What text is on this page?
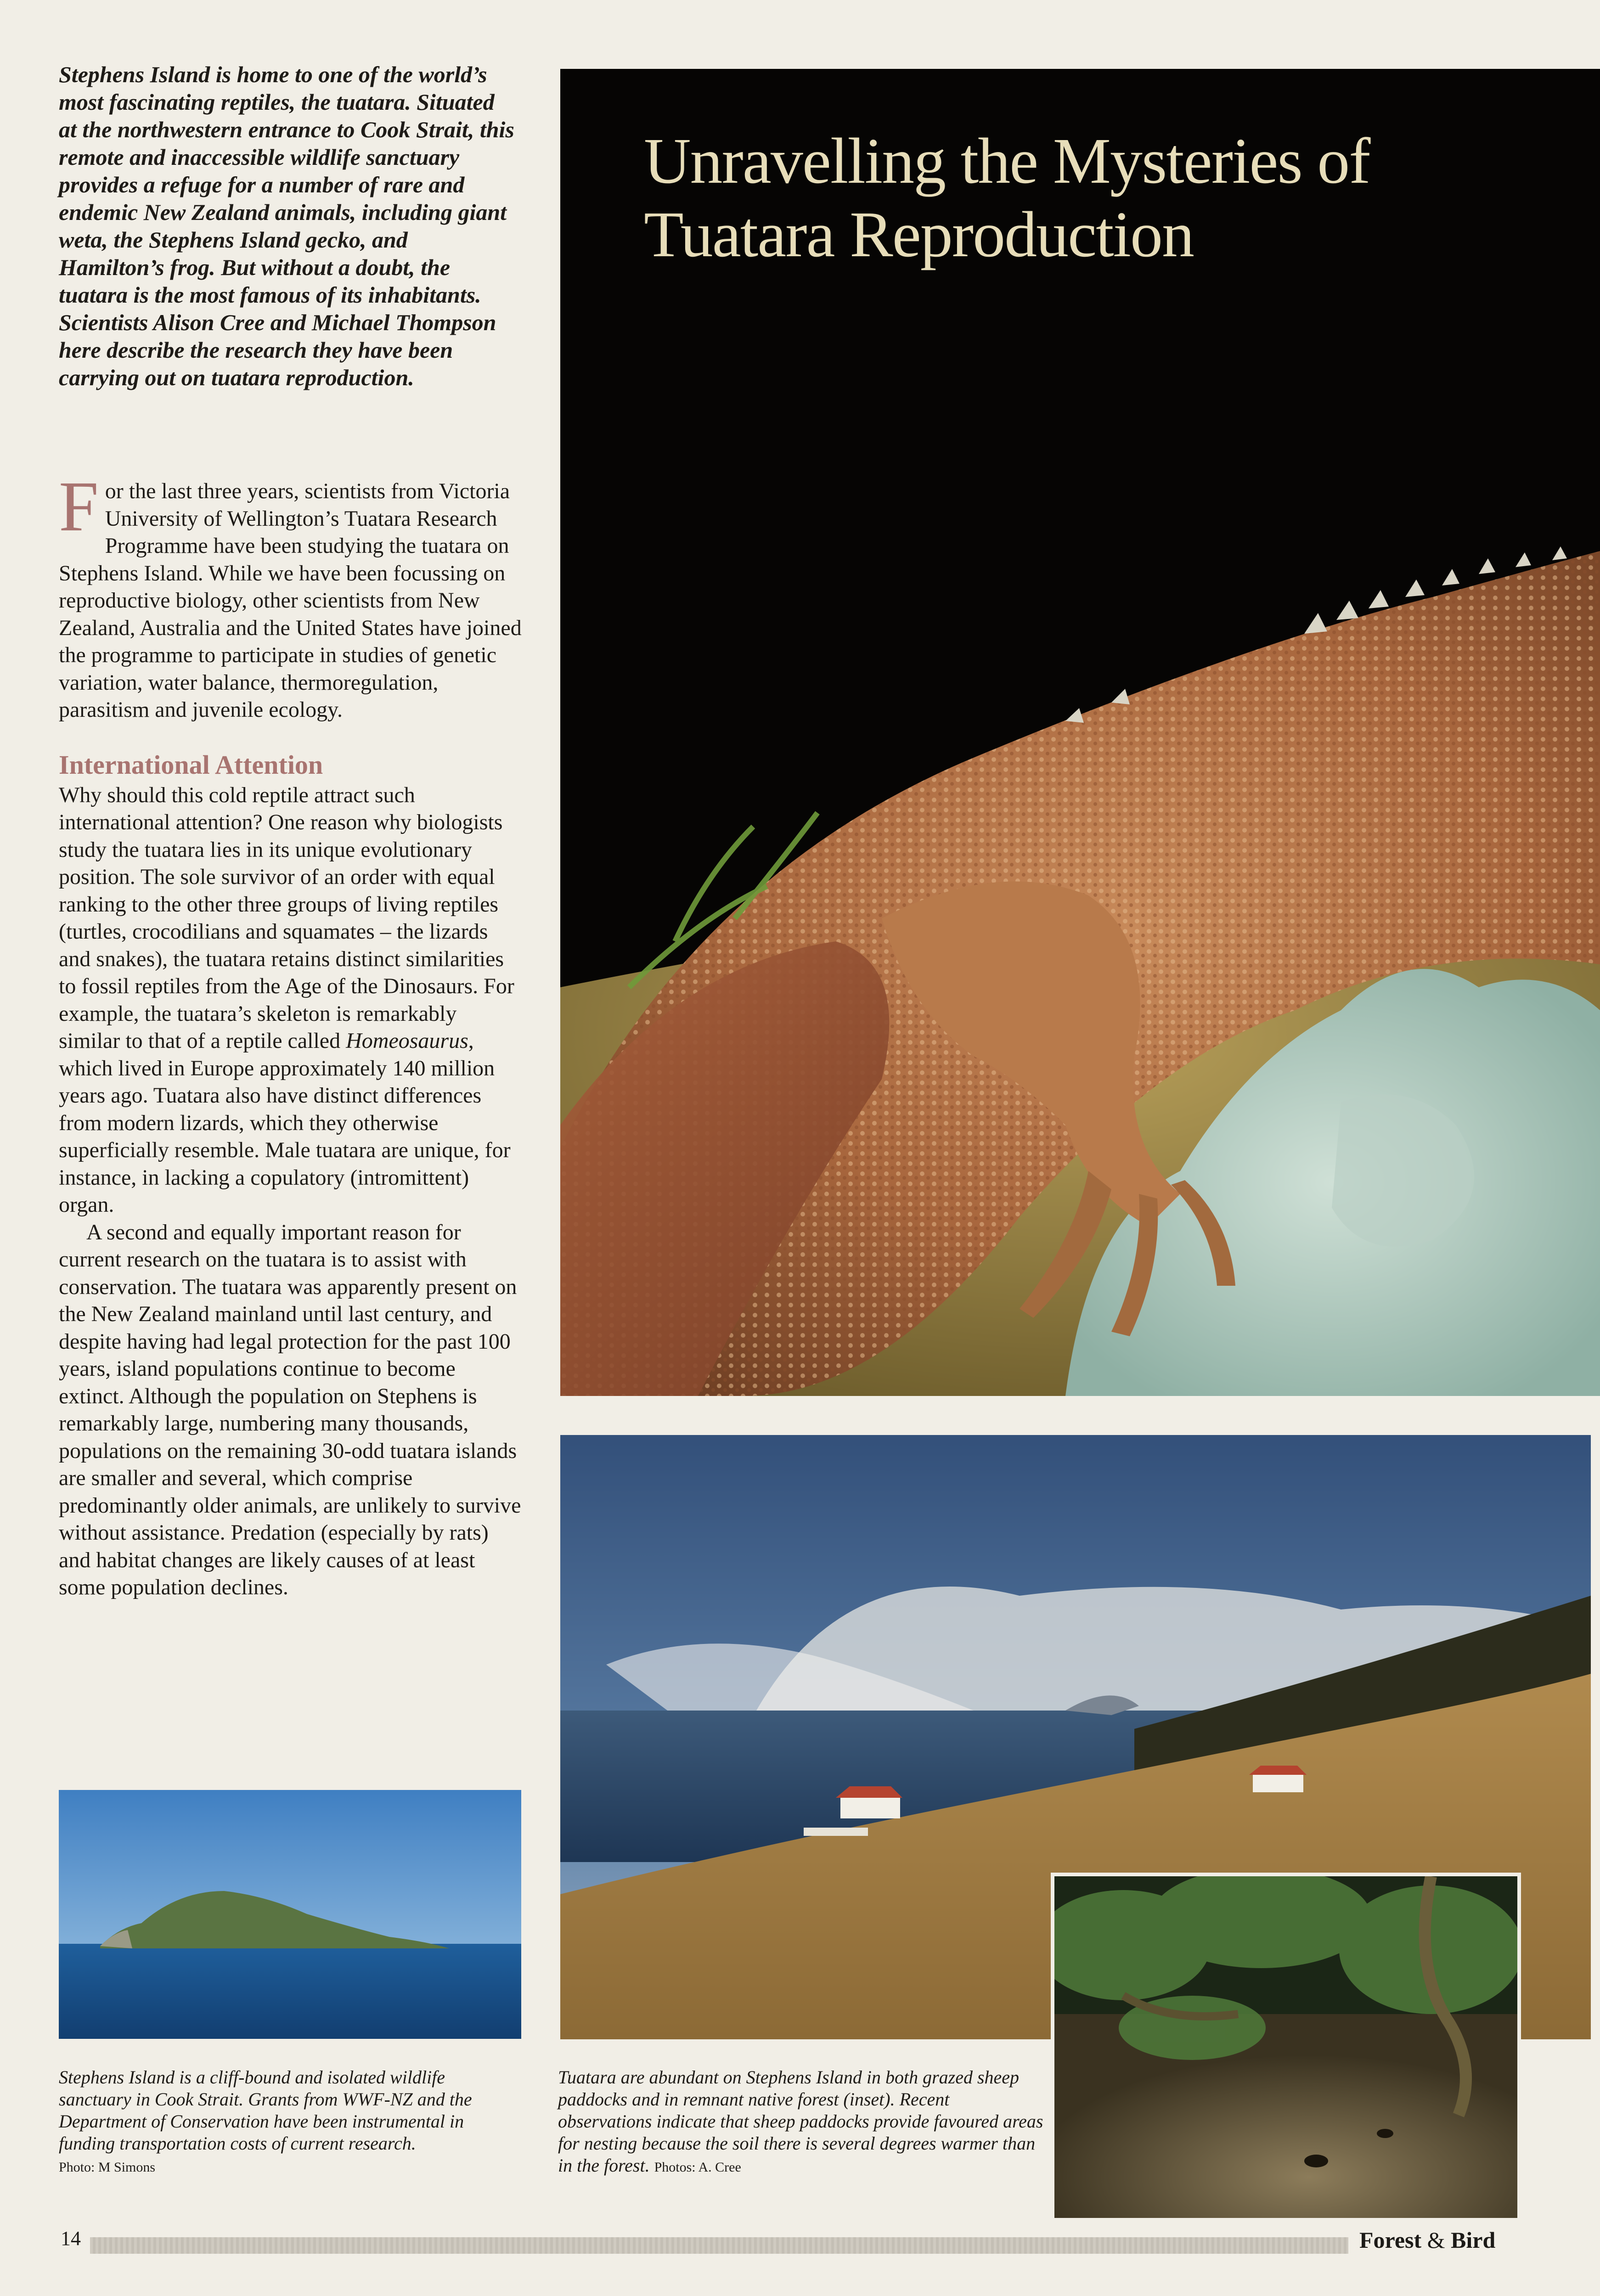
Stephens Island is home to one of the world’s most fascinating reptiles, the tuatara. Situated at the northwestern entrance to Cook Strait, this remote and inaccessible wildlife sanctuary provides a refuge for a number of rare and endemic New Zealand animals, including giant weta, the Stephens Island gecko, and Hamilton’s frog. But without a doubt, the tuatara is the most famous of its inhabitants. Scientists Alison Cree and Michael Thompson here describe the research they have been carrying out on tuatara reproduction.

For the last three years, scientists from Victoria University of Wellington’s Tuatara Research Programme have been studying the tuatara on Stephens Island. While we have been focussing on reproductive biology, other scientists from New Zealand, Australia and the United States have joined the programme to participate in studies of genetic variation, water balance, thermoregulation, parasitism and juvenile ecology.

International Attention

Why should this cold reptile attract such international attention? One reason why biologists study the tuatara lies in its unique evolutionary position. The sole survivor of an order with equal ranking to the other three groups of living reptiles (turtles, crocodilians and squamates – the lizards and snakes), the tuatara retains distinct similarities to fossil reptiles from the Age of the Dinosaurs. For example, the tuatara’s skeleton is remarkably similar to that of a reptile called Homeosaurus, which lived in Europe approximately 140 million years ago. Tuatara also have distinct differences from modern lizards, which they otherwise superficially resemble. Male tuatara are unique, for instance, in lacking a copulatory (intromittent) organ.

A second and equally important reason for current research on the tuatara is to assist with conservation. The tuatara was apparently present on the New Zealand mainland until last century, and despite having had legal protection for the past 100 years, island populations continue to become extinct. Although the population on Stephens is remarkably large, numbering many thousands, populations on the remaining 30-odd tuatara islands are smaller and several, which comprise predominantly older animals, are unlikely to survive without assistance. Predation (especially by rats) and habitat changes are likely causes of at least some population declines.

Unravelling the Mysteries of
Tuatara Reproduction
Stephens Island is a cliff-bound and isolated wildlife sanctuary in Cook Strait. Grants from WWF-NZ and the Department of Conservation have been instrumental in funding transportation costs of current research.
Photo: M Simons
Tuatara are abundant on Stephens Island in both grazed sheep paddocks and in remnant native forest (inset). Recent observations indicate that sheep paddocks provide favoured areas for nesting because the soil there is several degrees warmer than in the forest. Photos: A. Cree
14	Forest & Bird
